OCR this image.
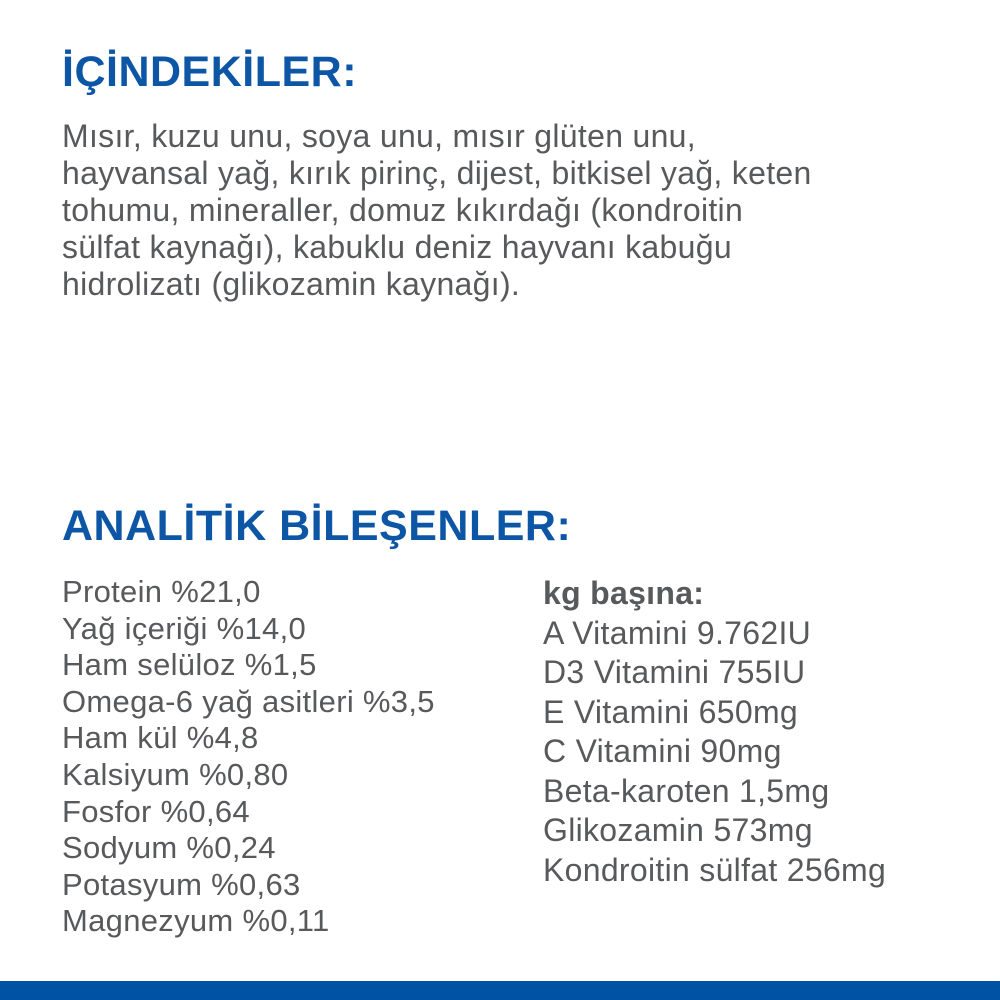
İÇİNDEKİLER:
Mısır, kuzu unu, soya unu, mısır glüten unu,
hayvansal yağ, kırık pirinç, dijest, bitkisel yağ, keten
tohumu, mineraller, domuz kıkırdağı (kondroitin
sülfat kaynağı), kabuklu deniz hayvanı kabuğu
hidrolizatı (glikozamin kaynağı).
ANALİTİK BİLEŞENLER:
Protein %21,0
Yağ içeriği %14,0
Ham selüloz %1,5
Omega-6 yağ asitleri %3,5
Ham kül %4,8
Kalsiyum %0,80
Fosfor %0,64
Sodyum %0,24
Potasyum %0,63
Magnezyum %0,11
kg başına:
A Vitamini 9.762IU
D3 Vitamini 755IU
E Vitamini 650mg
C Vitamini 90mg
Beta-karoten 1,5mg
Glikozamin 573mg
Kondroitin sülfat 256mg
